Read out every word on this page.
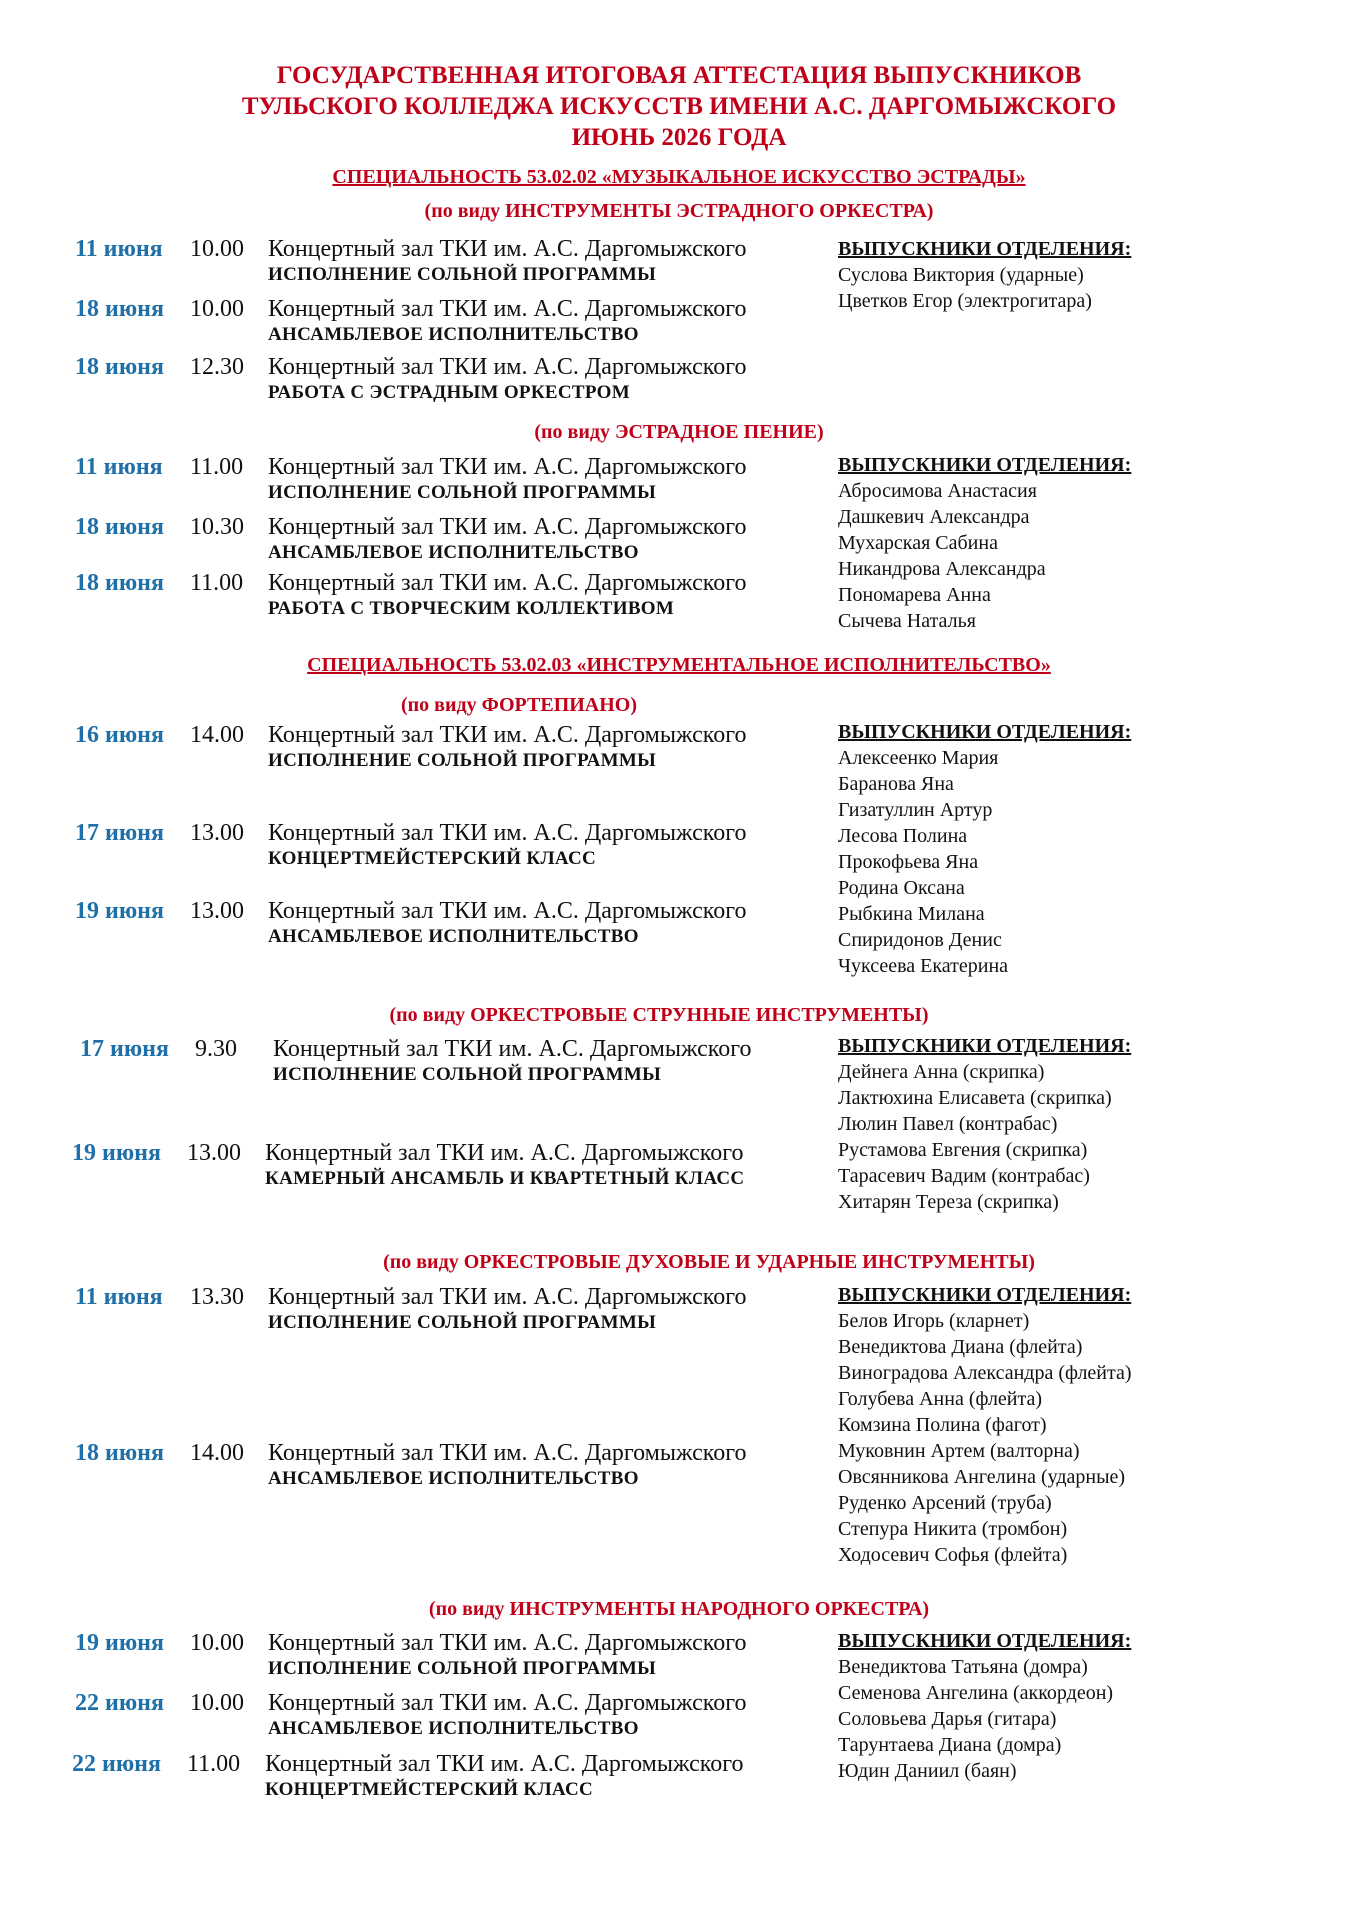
ГОСУДАРСТВЕННАЯ ИТОГОВАЯ АТТЕСТАЦИЯ ВЫПУСКНИКОВ
ТУЛЬСКОГО КОЛЛЕДЖА ИСКУССТВ ИМЕНИ А.С. ДАРГОМЫЖСКОГО
ИЮНЬ 2026 ГОДА
СПЕЦИАЛЬНОСТЬ 53.02.02 «МУЗЫКАЛЬНОЕ ИСКУССТВО ЭСТРАДЫ»
(по виду ИНСТРУМЕНТЫ ЭСТРАДНОГО ОРКЕСТРА)
11 июня	10.00 Концертный зал ТКИ им. А.С. Даргомыжского
ИСПОЛНЕНИЕ СОЛЬНОЙ ПРОГРАММЫ
18 июня	10.00 Концертный зал ТКИ им. А.С. Даргомыжского
АНСАМБЛЕВОЕ ИСПОЛНИТЕЛЬСТВО
18 июня	12.30 Концертный зал ТКИ им. А.С. Даргомыжского
РАБОТА С ЭСТРАДНЫМ ОРКЕСТРОМ
ВЫПУСКНИКИ ОТДЕЛЕНИЯ:
Суслова Виктория (ударные)
Цветков Егор (электрогитара)
(по виду ЭСТРАДНОЕ ПЕНИЕ)
11 июня	11.00 Концертный зал ТКИ им. А.С. Даргомыжского
ИСПОЛНЕНИЕ СОЛЬНОЙ ПРОГРАММЫ
18 июня	10.30 Концертный зал ТКИ им. А.С. Даргомыжского
АНСАМБЛЕВОЕ ИСПОЛНИТЕЛЬСТВО
18 июня	11.00 Концертный зал ТКИ им. А.С. Даргомыжского
РАБОТА С ТВОРЧЕСКИМ КОЛЛЕКТИВОМ
ВЫПУСКНИКИ ОТДЕЛЕНИЯ:
Абросимова Анастасия
Дашкевич Александра
Мухарская Сабина
Никандрова Александра
Пономарева Анна
Сычева Наталья
СПЕЦИАЛЬНОСТЬ 53.02.03 «ИНСТРУМЕНТАЛЬНОЕ ИСПОЛНИТЕЛЬСТВО»
(по виду ФОРТЕПИАНО)
16 июня	14.00 Концертный зал ТКИ им. А.С. Даргомыжского
ИСПОЛНЕНИЕ СОЛЬНОЙ ПРОГРАММЫ
17 июня	13.00 Концертный зал ТКИ им. А.С. Даргомыжского
КОНЦЕРТМЕЙСТЕРСКИЙ КЛАСС
19 июня	13.00 Концертный зал ТКИ им. А.С. Даргомыжского
АНСАМБЛЕВОЕ ИСПОЛНИТЕЛЬСТВО
ВЫПУСКНИКИ ОТДЕЛЕНИЯ:
Алексеенко Мария
Баранова Яна
Гизатуллин Артур
Лесова Полина
Прокофьева Яна
Родина Оксана
Рыбкина Милана
Спиридонов Денис
Чуксеева Екатерина
(по виду ОРКЕСТРОВЫЕ СТРУННЫЕ ИНСТРУМЕНТЫ)
17 июня	9.30 Концертный зал ТКИ им. А.С. Даргомыжского
ИСПОЛНЕНИЕ СОЛЬНОЙ ПРОГРАММЫ
19 июня	13.00 Концертный зал ТКИ им. А.С. Даргомыжского
КАМЕРНЫЙ АНСАМБЛЬ И КВАРТЕТНЫЙ КЛАСС
ВЫПУСКНИКИ ОТДЕЛЕНИЯ:
Дейнега Анна (скрипка)
Лактюхина Елисавета (скрипка)
Люлин Павел (контрабас)
Рустамова Евгения (скрипка)
Тарасевич Вадим (контрабас)
Хитарян Тереза (скрипка)
(по виду ОРКЕСТРОВЫЕ ДУХОВЫЕ И УДАРНЫЕ ИНСТРУМЕНТЫ)
11 июня	13.30 Концертный зал ТКИ им. А.С. Даргомыжского
ИСПОЛНЕНИЕ СОЛЬНОЙ ПРОГРАММЫ
18 июня	14.00 Концертный зал ТКИ им. А.С. Даргомыжского
АНСАМБЛЕВОЕ ИСПОЛНИТЕЛЬСТВО
ВЫПУСКНИКИ ОТДЕЛЕНИЯ:
Белов Игорь (кларнет)
Венедиктова Диана (флейта)
Виноградова Александра (флейта)
Голубева Анна (флейта)
Комзина Полина (фагот)
Муковнин Артем (валторна)
Овсянникова Ангелина (ударные)
Руденко Арсений (труба)
Степура Никита (тромбон)
Ходосевич Софья (флейта)
(по виду ИНСТРУМЕНТЫ НАРОДНОГО ОРКЕСТРА)
19 июня	10.00 Концертный зал ТКИ им. А.С. Даргомыжского
ИСПОЛНЕНИЕ СОЛЬНОЙ ПРОГРАММЫ
22 июня	10.00 Концертный зал ТКИ им. А.С. Даргомыжского
АНСАМБЛЕВОЕ ИСПОЛНИТЕЛЬСТВО
22 июня	11.00 Концертный зал ТКИ им. А.С. Даргомыжского
КОНЦЕРТМЕЙСТЕРСКИЙ КЛАСС
ВЫПУСКНИКИ ОТДЕЛЕНИЯ:
Венедиктова Татьяна (домра)
Семенова Ангелина (аккордеон)
Соловьева Дарья (гитара)
Тарунтаева Диана (домра)
Юдин Даниил (баян)
